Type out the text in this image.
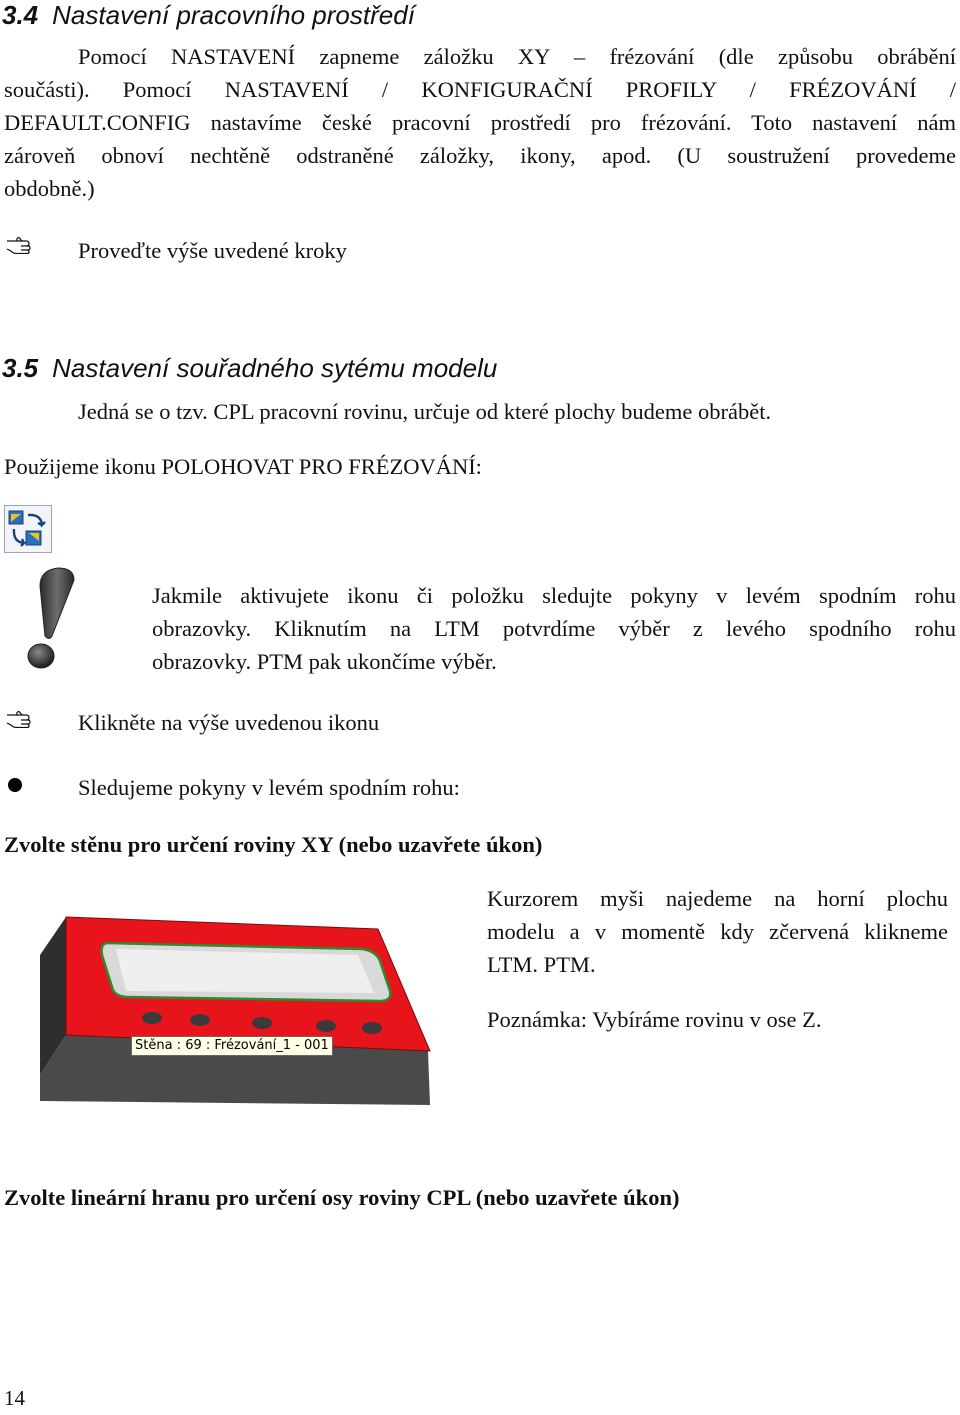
3.4 Nastavení pracovního prostředí
Pomocí NASTAVENÍ zapneme záložku XY – frézování (dle způsobu obrábění
součásti). Pomocí NASTAVENÍ / KONFIGURAČNÍ PROFILY / FRÉZOVÁNÍ /
DEFAULT.CONFIG nastavíme české pracovní prostředí pro frézování. Toto nastavení nám
zároveň obnoví nechtěně odstraněné záložky, ikony, apod. (U soustružení provedeme
obdobně.)
Proveďte výše uvedené kroky
3.5 Nastavení souřadného sytému modelu
Jedná se o tzv. CPL pracovní rovinu, určuje od které plochy budeme obrábět.
Použijeme ikonu POLOHOVAT PRO FRÉZOVÁNÍ:
Jakmile aktivujete ikonu či položku sledujte pokyny v levém spodním rohu
obrazovky. Kliknutím na LTM potvrdíme výběr z levého spodního rohu
obrazovky. PTM pak ukončíme výběr.
Klikněte na výše uvedenou ikonu
Sledujeme pokyny v levém spodním rohu:
Zvolte stěnu pro určení roviny XY (nebo uzavřete úkon)
Stěna : 69 : Frézování_1 - 001
Kurzorem myši najedeme na horní plochu
modelu a v momentě kdy zčervená klikneme
LTM. PTM.
Poznámka: Vybíráme rovinu v ose Z.
Zvolte lineární hranu pro určení osy roviny CPL (nebo uzavřete úkon)
14
